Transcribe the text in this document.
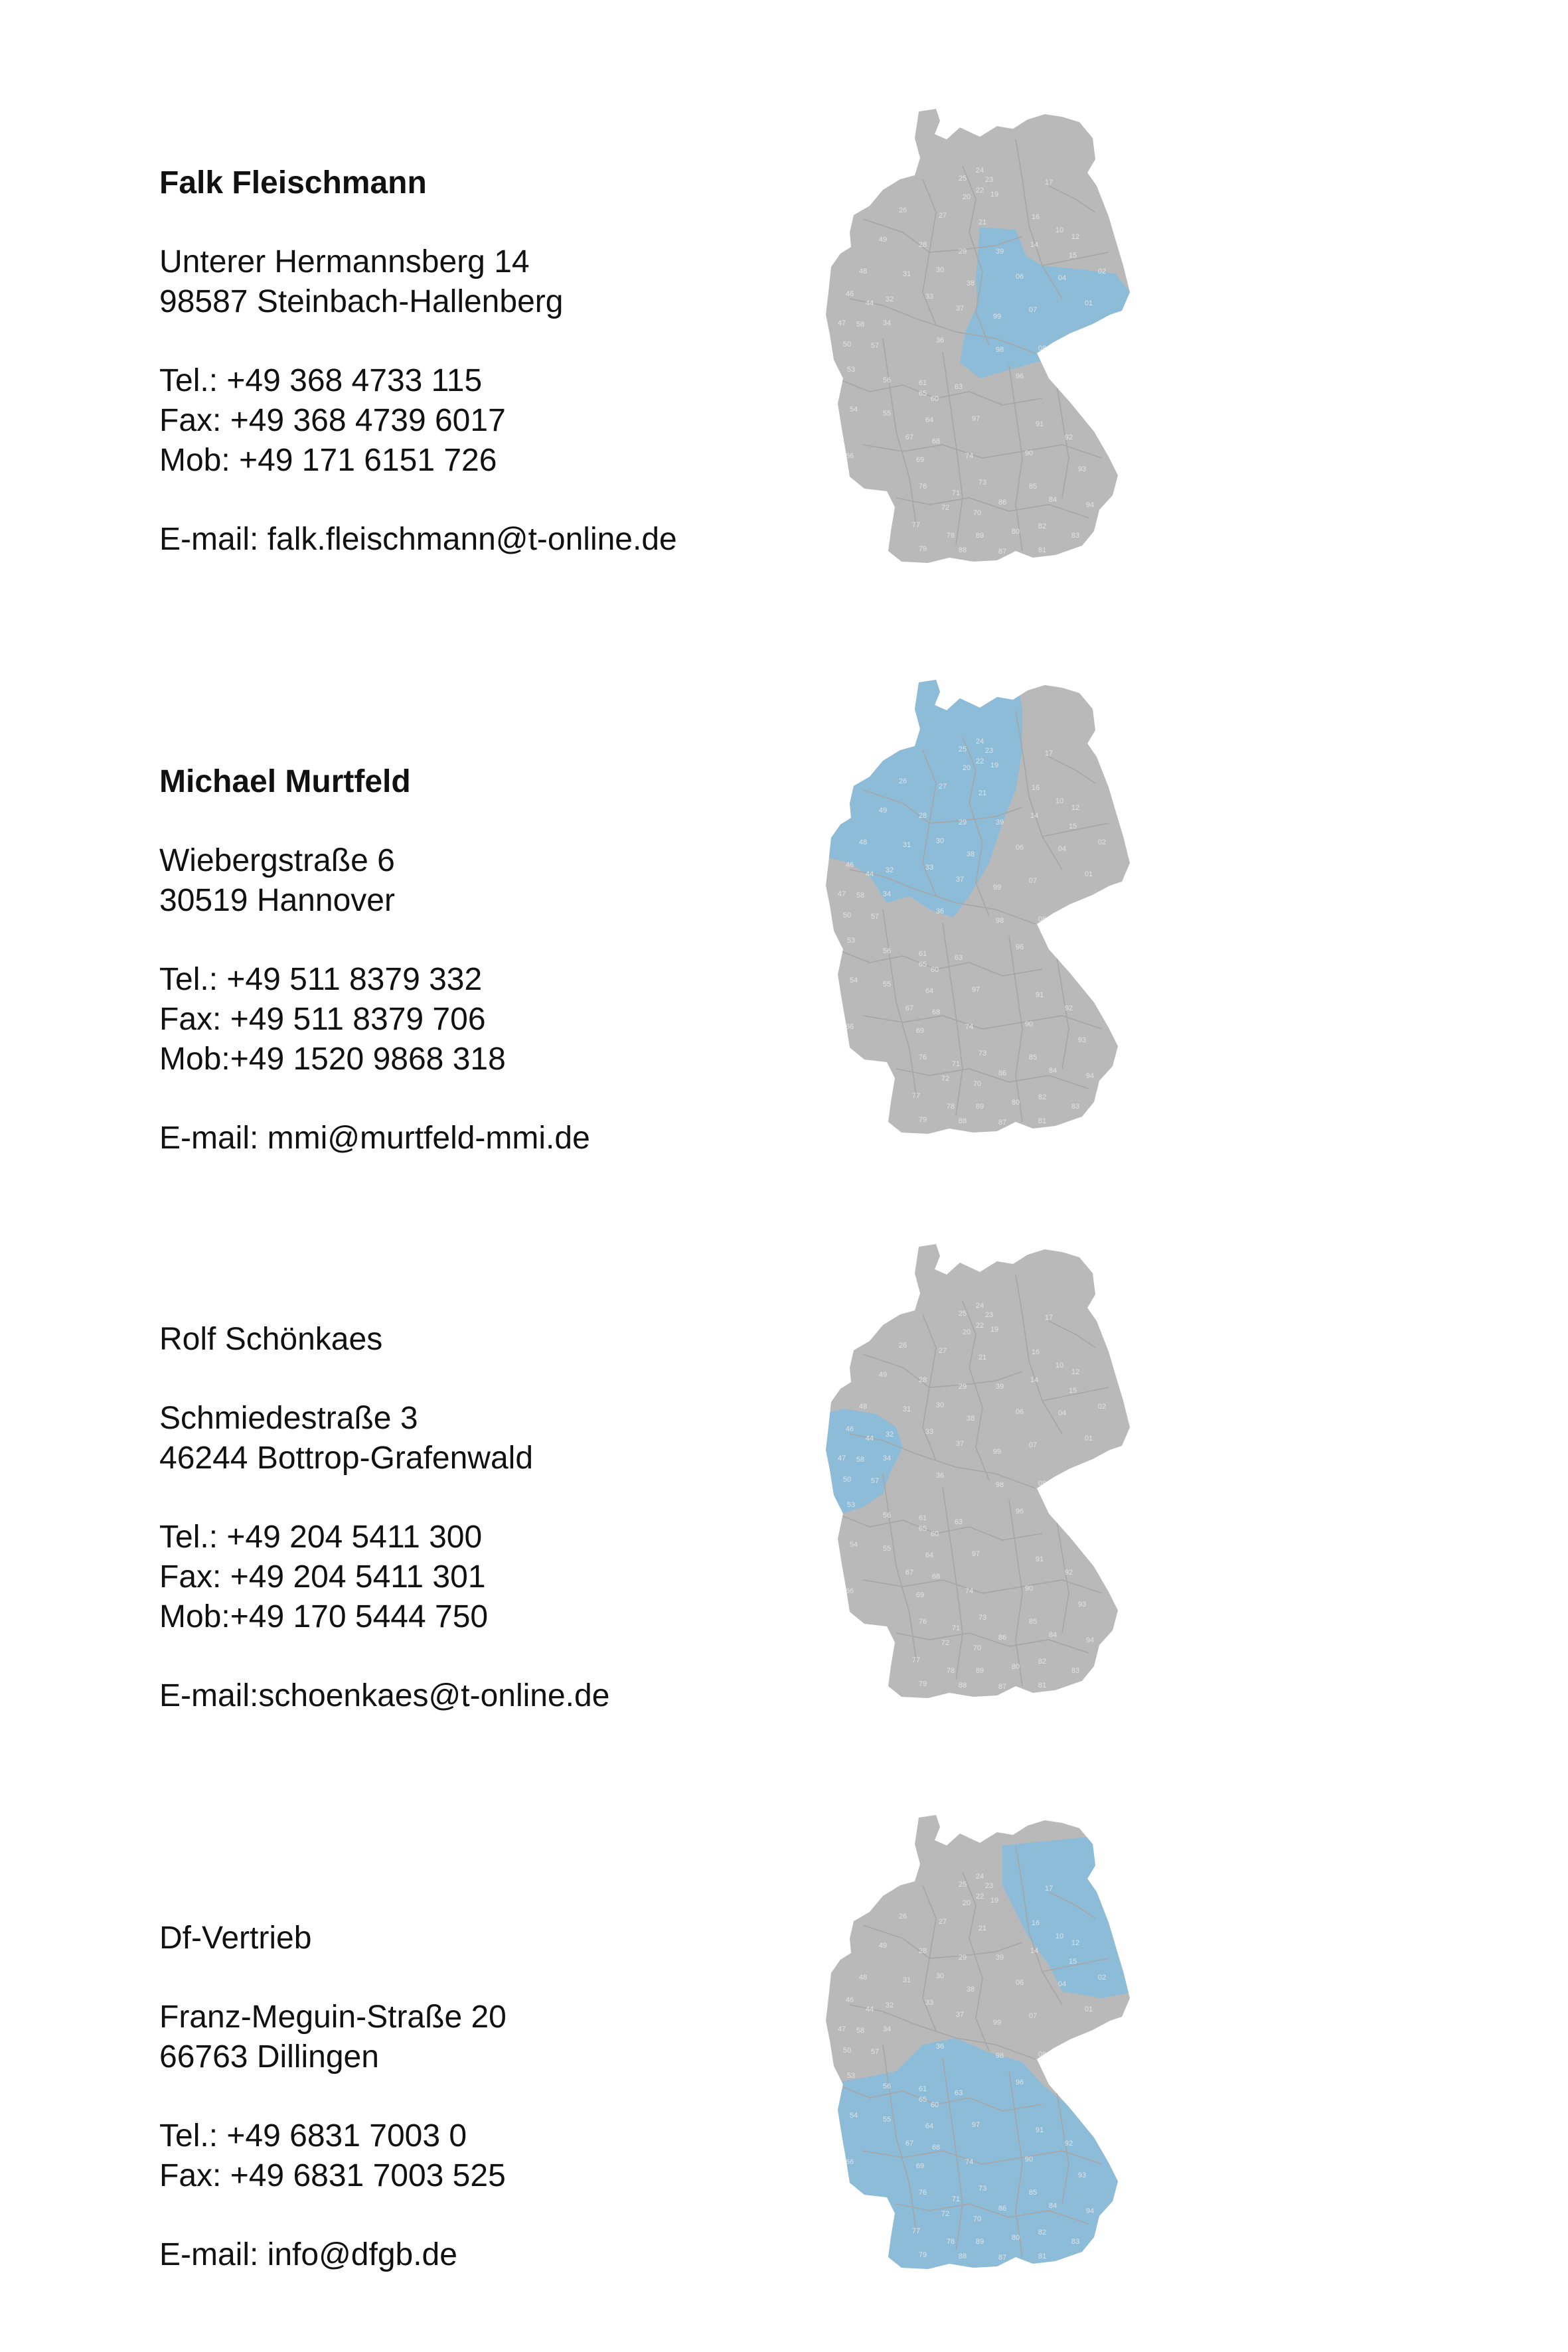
Falk Fleischmann
Unterer Hermannsberg 14
98587 Steinbach-Hallenberg
Tel.: +49 368 4733 115
Fax: +49 368 4739 6017
Mob: +49 171 6151 726
E-mail: falk.fleischmann@t-online.de
Michael Murtfeld
Wiebergstraße 6
30519 Hannover
Tel.: +49 511 8379 332
Fax: +49 511 8379 706
Mob:+49 1520 9868 318
E-mail: mmi@murtfeld-mmi.de
Rolf Schönkaes
Schmiedestraße 3
46244 Bottrop-Grafenwald
Tel.: +49 204 5411 300
Fax: +49 204 5411 301
Mob:+49 170 5444 750
E-mail:schoenkaes@t-online.de
Df-Vertrieb
Franz-Meguin-Straße 20
66763 Dillingen
Tel.: +49 6831 7003 0
Fax: +49 6831 7003 525
E-mail: info@dfgb.de
